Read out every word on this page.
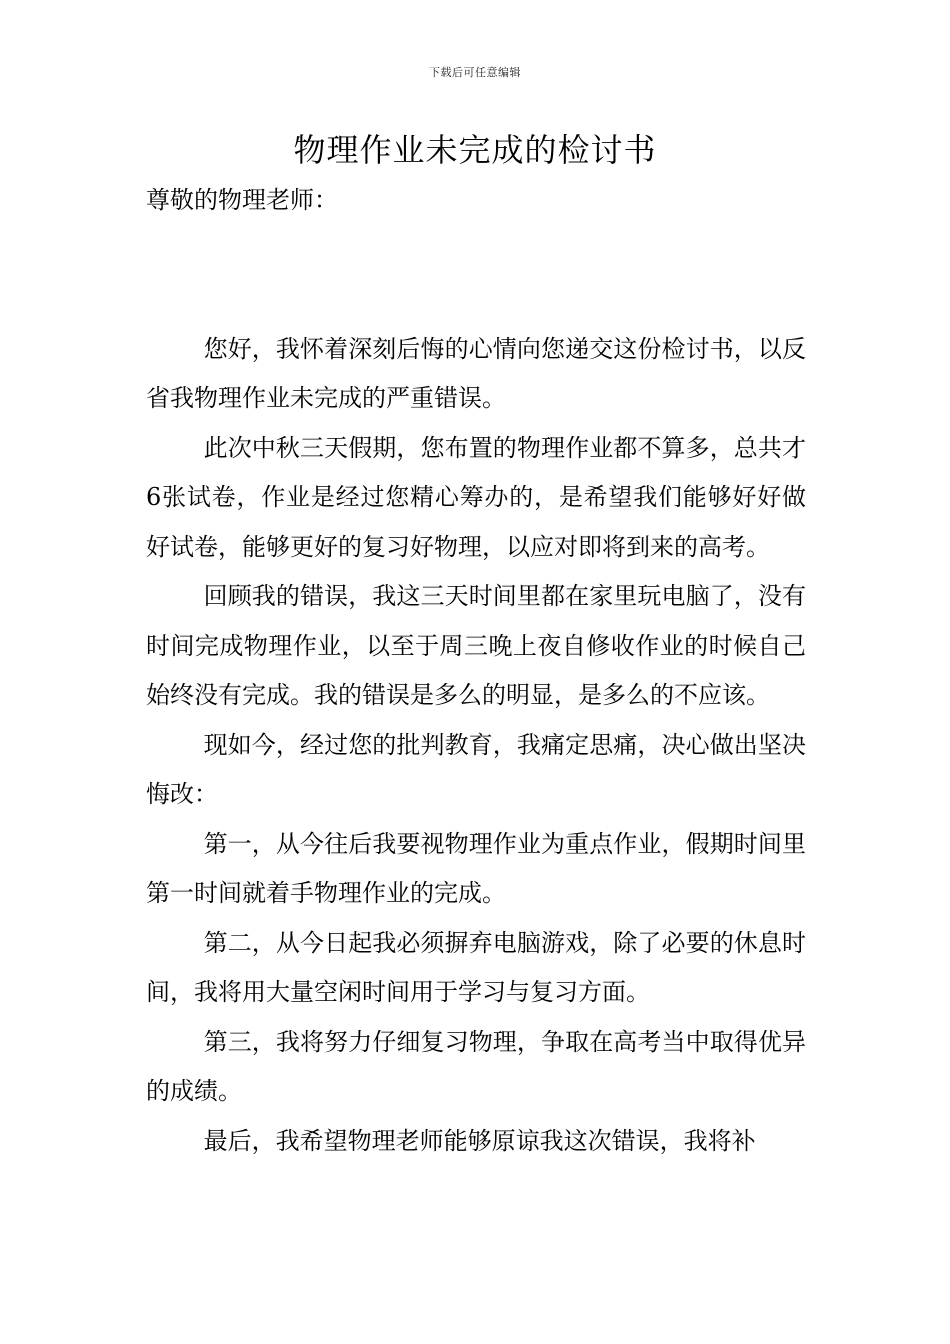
下载后可任意编辑
物理作业未完成的检讨书

尊敬的物理老师：

您好，我怀着深刻后悔的心情向您递交这份检讨书，以反省我物理作业未完成的严重错误。

此次中秋三天假期，您布置的物理作业都不算多，总共才6张试卷，作业是经过您精心筹办的，是希望我们能够好好做好试卷，能够更好的复习好物理，以应对即将到来的高考。

回顾我的错误，我这三天时间里都在家里玩电脑了，没有时间完成物理作业，以至于周三晚上夜自修收作业的时候自己始终没有完成。我的错误是多么的明显，是多么的不应该。

现如今，经过您的批判教育，我痛定思痛，决心做出坚决悔改：

第一，从今往后我要视物理作业为重点作业，假期时间里第一时间就着手物理作业的完成。

第二，从今日起我必须摒弃电脑游戏，除了必要的休息时间，我将用大量空闲时间用于学习与复习方面。

第三，我将努力仔细复习物理，争取在高考当中取得优异的成绩。

最后，我希望物理老师能够原谅我这次错误，我将补
